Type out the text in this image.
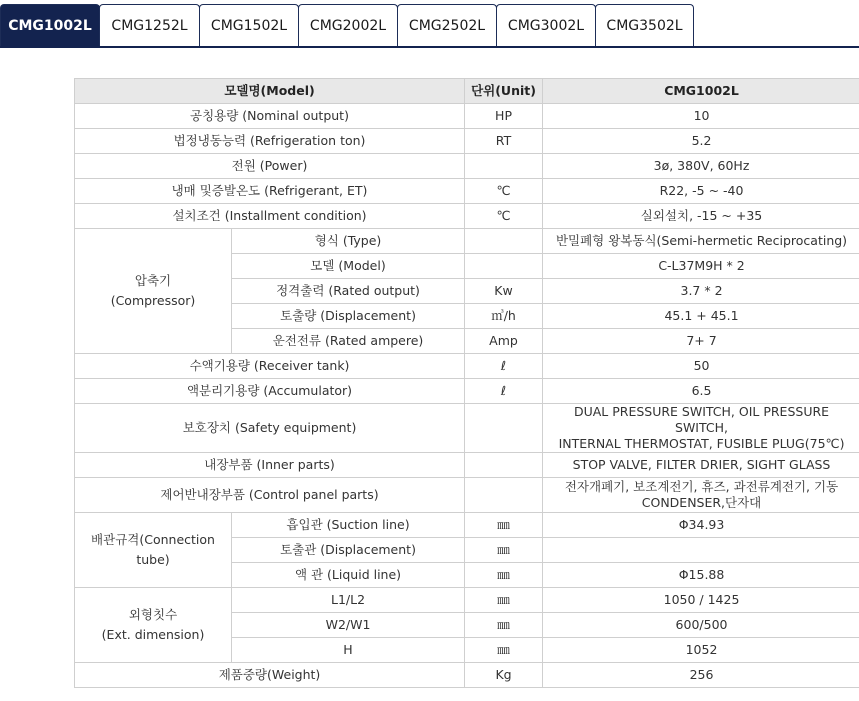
CMG1002L	CMG1252L	CMG1502L	CMG2002L	CMG2502L	CMG3002L	CMG3502L
모델명(Model)		단위(Unit)	CMG1002L
공칭용량 (Nominal output)		HP	10
법정냉동능력 (Refrigeration ton)		RT	5.2
전원 (Power)			3ø, 380V, 60Hz
냉매 및증발온도 (Refrigerant, ET)		℃	R22, -5 ~ -40
설치조건 (Installment condition)		℃	실외설치, -15 ~ +35
압축기
(Compressor)	형식 (Type)		반밀폐형 왕복동식(Semi-hermetic Reciprocating)
	모델 (Model)		C-L37M9H * 2
	정격출력 (Rated output)	Kw	3.7 * 2
	토출량 (Displacement)	㎥/h	45.1 + 45.1
	운전전류 (Rated ampere)	Amp	7+ 7
수액기용량 (Receiver tank)		ℓ	50
액분리기용량 (Accumulator)		ℓ	6.5
보호장치 (Safety equipment)			DUAL PRESSURE SWITCH, OIL PRESSURE SWITCH,
INTERNAL THERMOSTAT, FUSIBLE PLUG(75℃)
내장부품 (Inner parts)			STOP VALVE, FILTER DRIER, SIGHT GLASS
제어반내장부품 (Control panel parts)			전자개폐기, 보조계전기, 휴즈, 과전류계전기, 기동
CONDENSER,단자대
배관규격(Connection
tube)	흡입관 (Suction line)	㎜	Φ34.93
	토출관 (Displacement)	㎜	
	액 관 (Liquid line)	㎜	Φ15.88
외형칫수
(Ext. dimension)	L1/L2	㎜	1050 / 1425
	W2/W1	㎜	600/500
	H	㎜	1052
제품중량(Weight)		Kg	256
